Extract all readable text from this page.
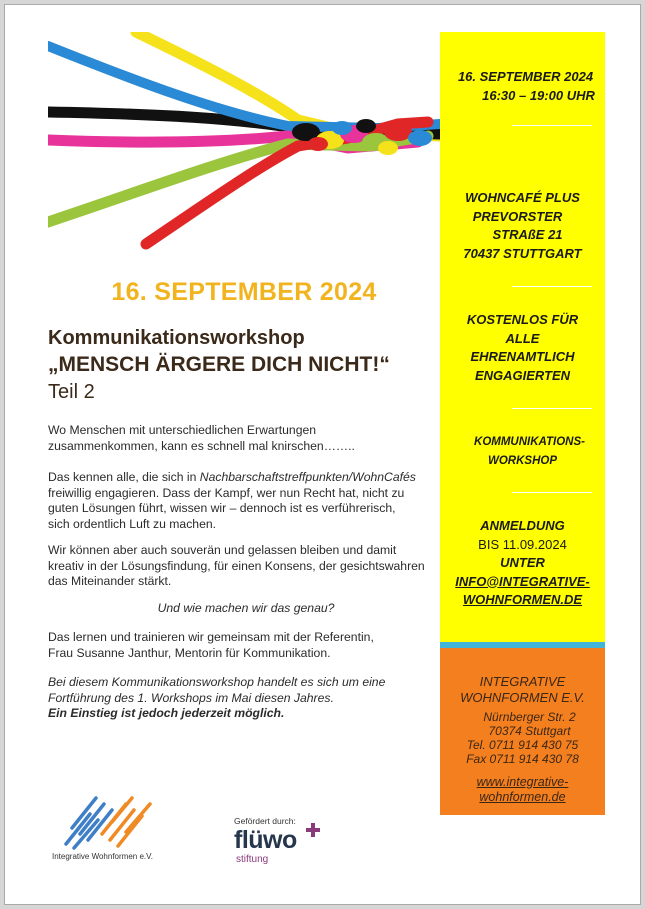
16. SEPTEMBER 2024
Kommunikationsworkshop
„MENSCH ÄRGERE DICH NICHT!“
Teil 2
Wo Menschen mit unterschiedlichen Erwartungen
zusammenkommen, kann es schnell mal knirschen……..
Das kennen alle, die sich in Nachbarschaftstreffpunkten/WohnCafés
freiwillig engagieren. Dass der Kampf, wer nun Recht hat, nicht zu
guten Lösungen führt, wissen wir – dennoch ist es verführerisch,
sich ordentlich Luft zu machen.
Wir können aber auch souverän und gelassen bleiben und damit
kreativ in der Lösungsfindung, für einen Konsens, der gesichtswahren
das Miteinander stärkt.
Und wie machen wir das genau?
Das lernen und trainieren wir gemeinsam mit der Referentin,
Frau Susanne Janthur, Mentorin für Kommunikation.
Bei diesem Kommunikationsworkshop handelt es sich um eine
Fortführung des 1. Workshops im Mai diesen Jahres.
Ein Einstieg ist jedoch jederzeit möglich.
16. SEPTEMBER 2024
16:30 – 19:00 UHR
WOHNCAFÉ PLUS
PREVORSTER
STRAßE 21
70437 STUTTGART
KOSTENLOS FÜR
ALLE
EHRENAMTLICH
ENGAGIERTEN
KOMMUNIKATIONS-
WORKSHOP
ANMELDUNG
BIS 11.09.2024
UNTER
INFO@INTEGRATIVE-
WOHNFORMEN.DE
INTEGRATIVE
WOHNFORMEN E.V.
Nürnberger Str. 2
70374 Stuttgart
Tel. 0711 914 430 75
Fax 0711 914 430 78
www.integrative-
wohnformen.de
Integrative Wohnformen e.V.
Gefördert durch:
flüwo
stiftung
